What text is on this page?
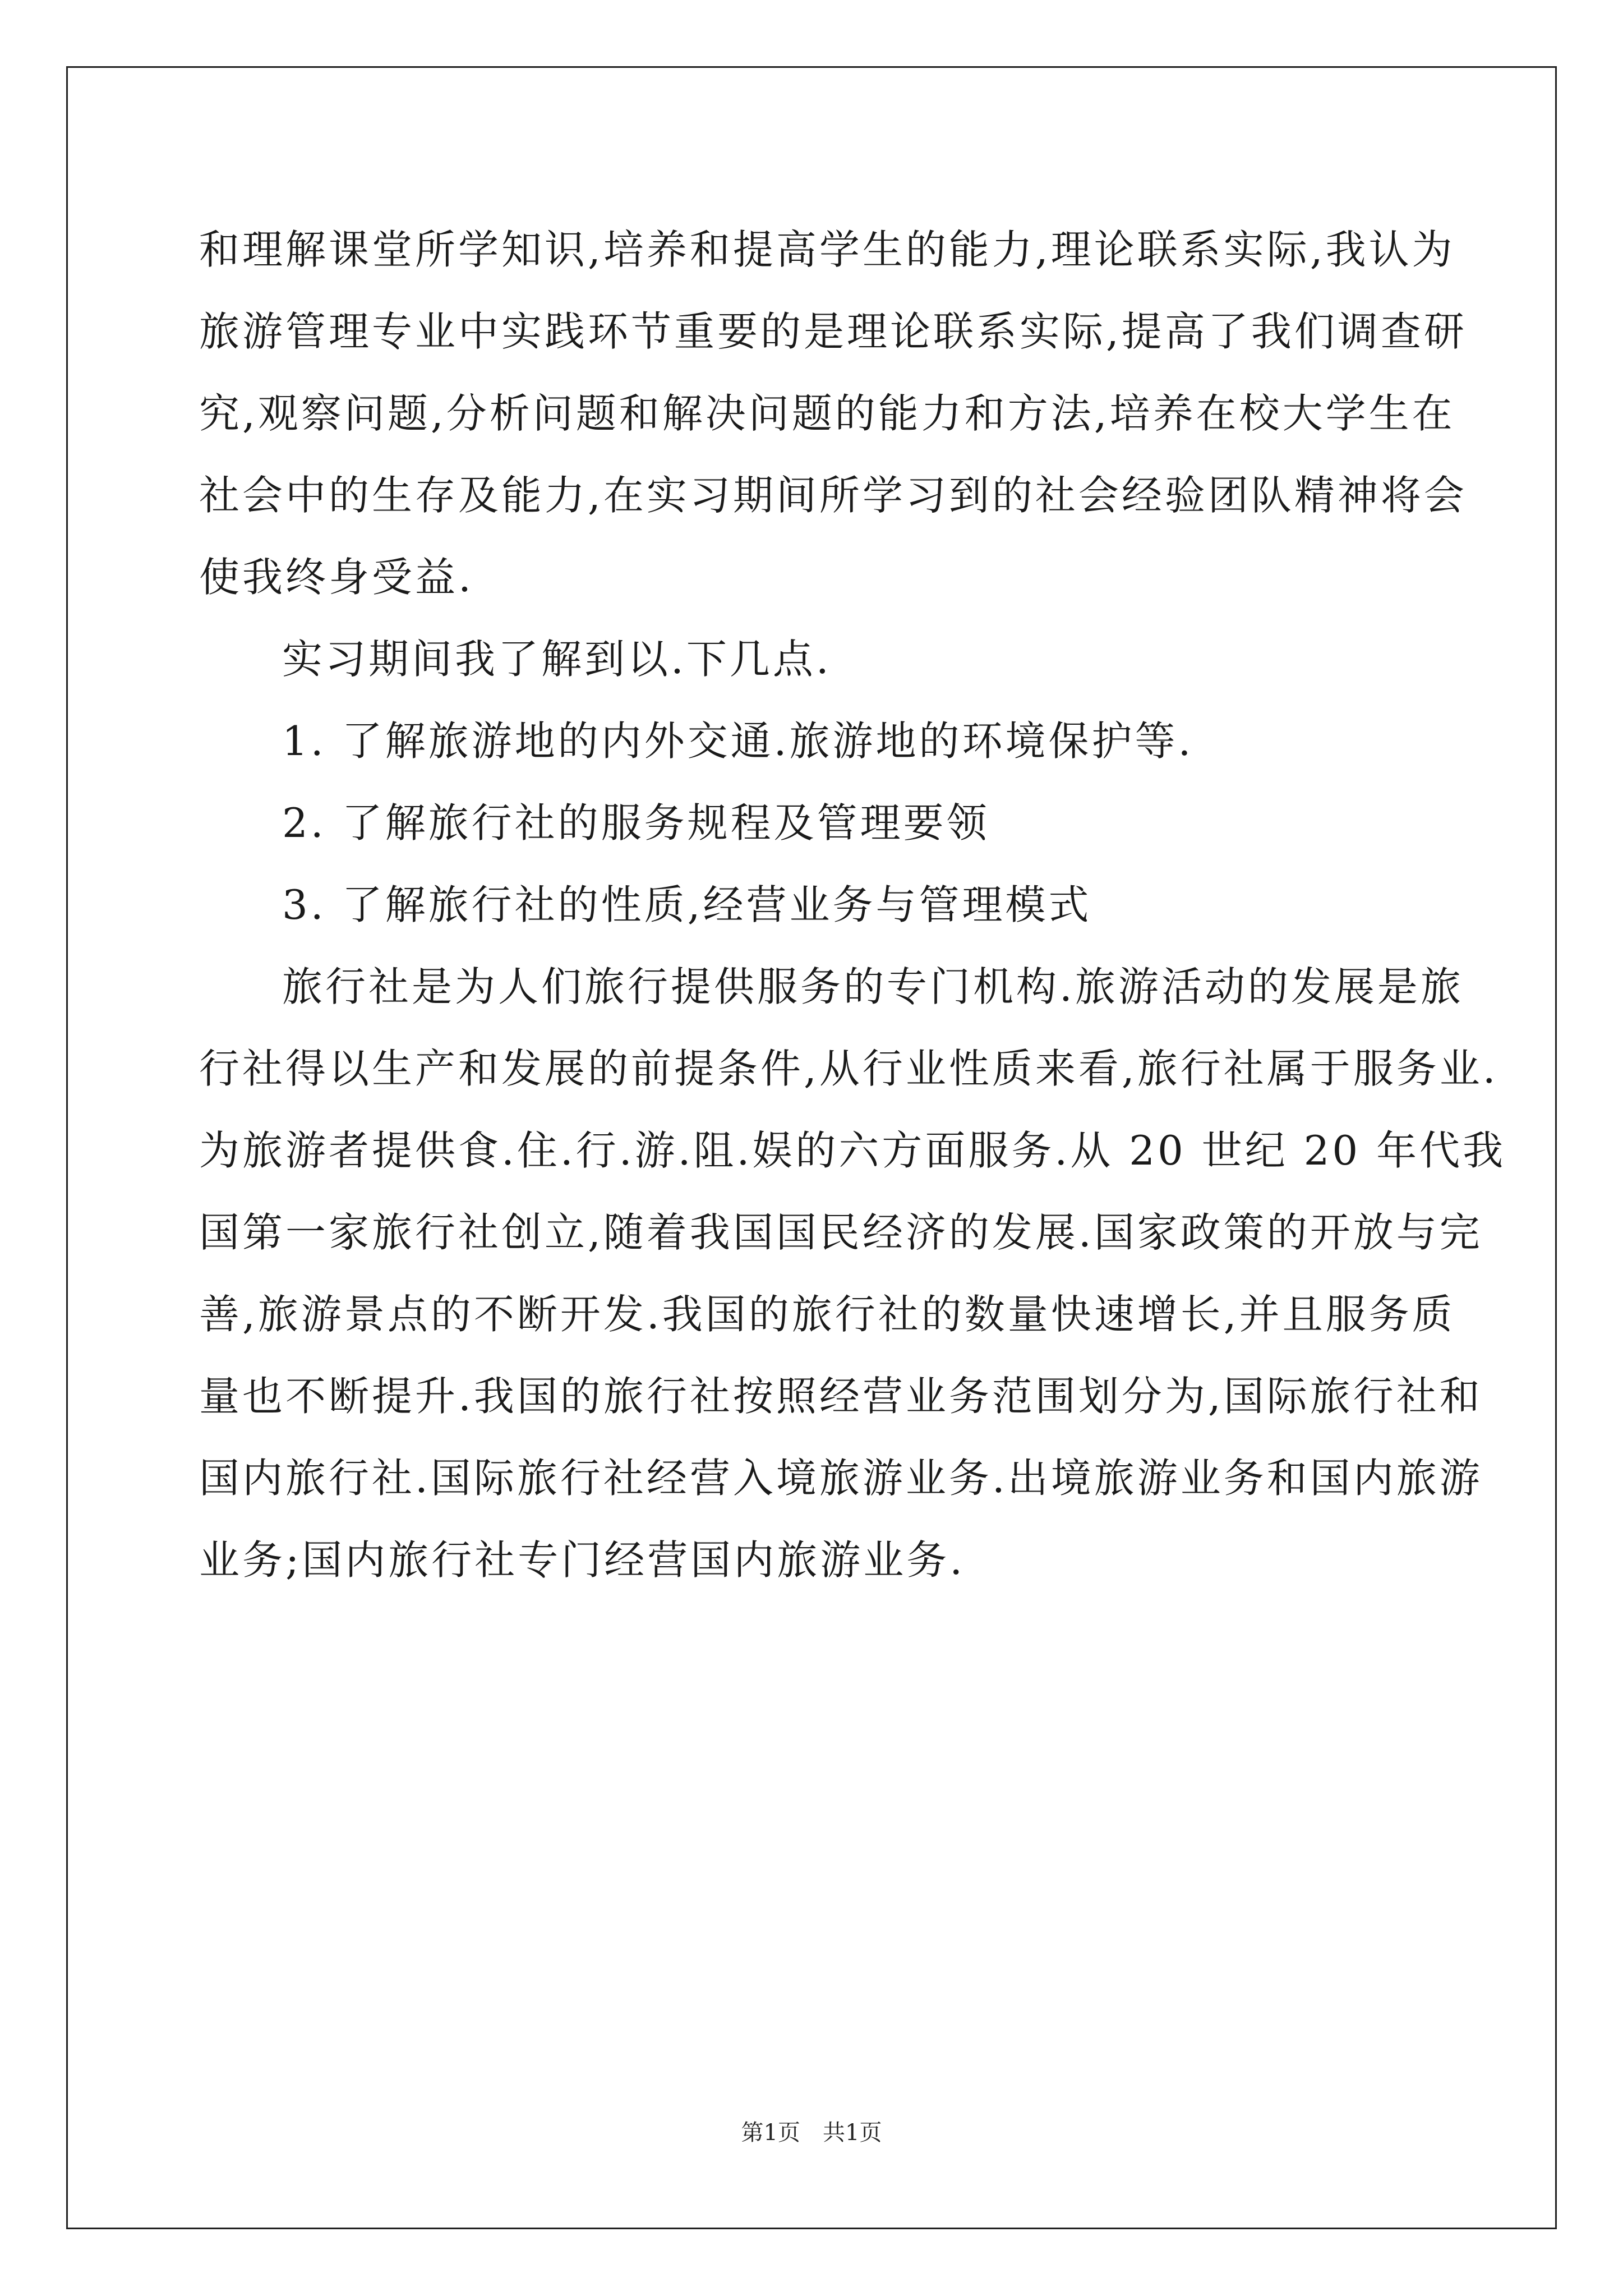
和理解课堂所学知识,培养和提高学生的能力,理论联系实际,我认为
旅游管理专业中实践环节重要的是理论联系实际,提高了我们调查研
究,观察问题,分析问题和解决问题的能力和方法,培养在校大学生在
社会中的生存及能力,在实习期间所学习到的社会经验团队精神将会
使我终身受益.
实习期间我了解到以.下几点.
1. 了解旅游地的内外交通.旅游地的环境保护等.
2. 了解旅行社的服务规程及管理要领
3. 了解旅行社的性质,经营业务与管理模式
旅行社是为人们旅行提供服务的专门机构.旅游活动的发展是旅
行社得以生产和发展的前提条件,从行业性质来看,旅行社属于服务业.
为旅游者提供食.住.行.游.阻.娱的六方面服务.从 20 世纪 20 年代我
国第一家旅行社创立,随着我国国民经济的发展.国家政策的开放与完
善,旅游景点的不断开发.我国的旅行社的数量快速增长,并且服务质
量也不断提升.我国的旅行社按照经营业务范围划分为,国际旅行社和
国内旅行社.国际旅行社经营入境旅游业务.出境旅游业务和国内旅游
业务;国内旅行社专门经营国内旅游业务.
第1页 共1页
